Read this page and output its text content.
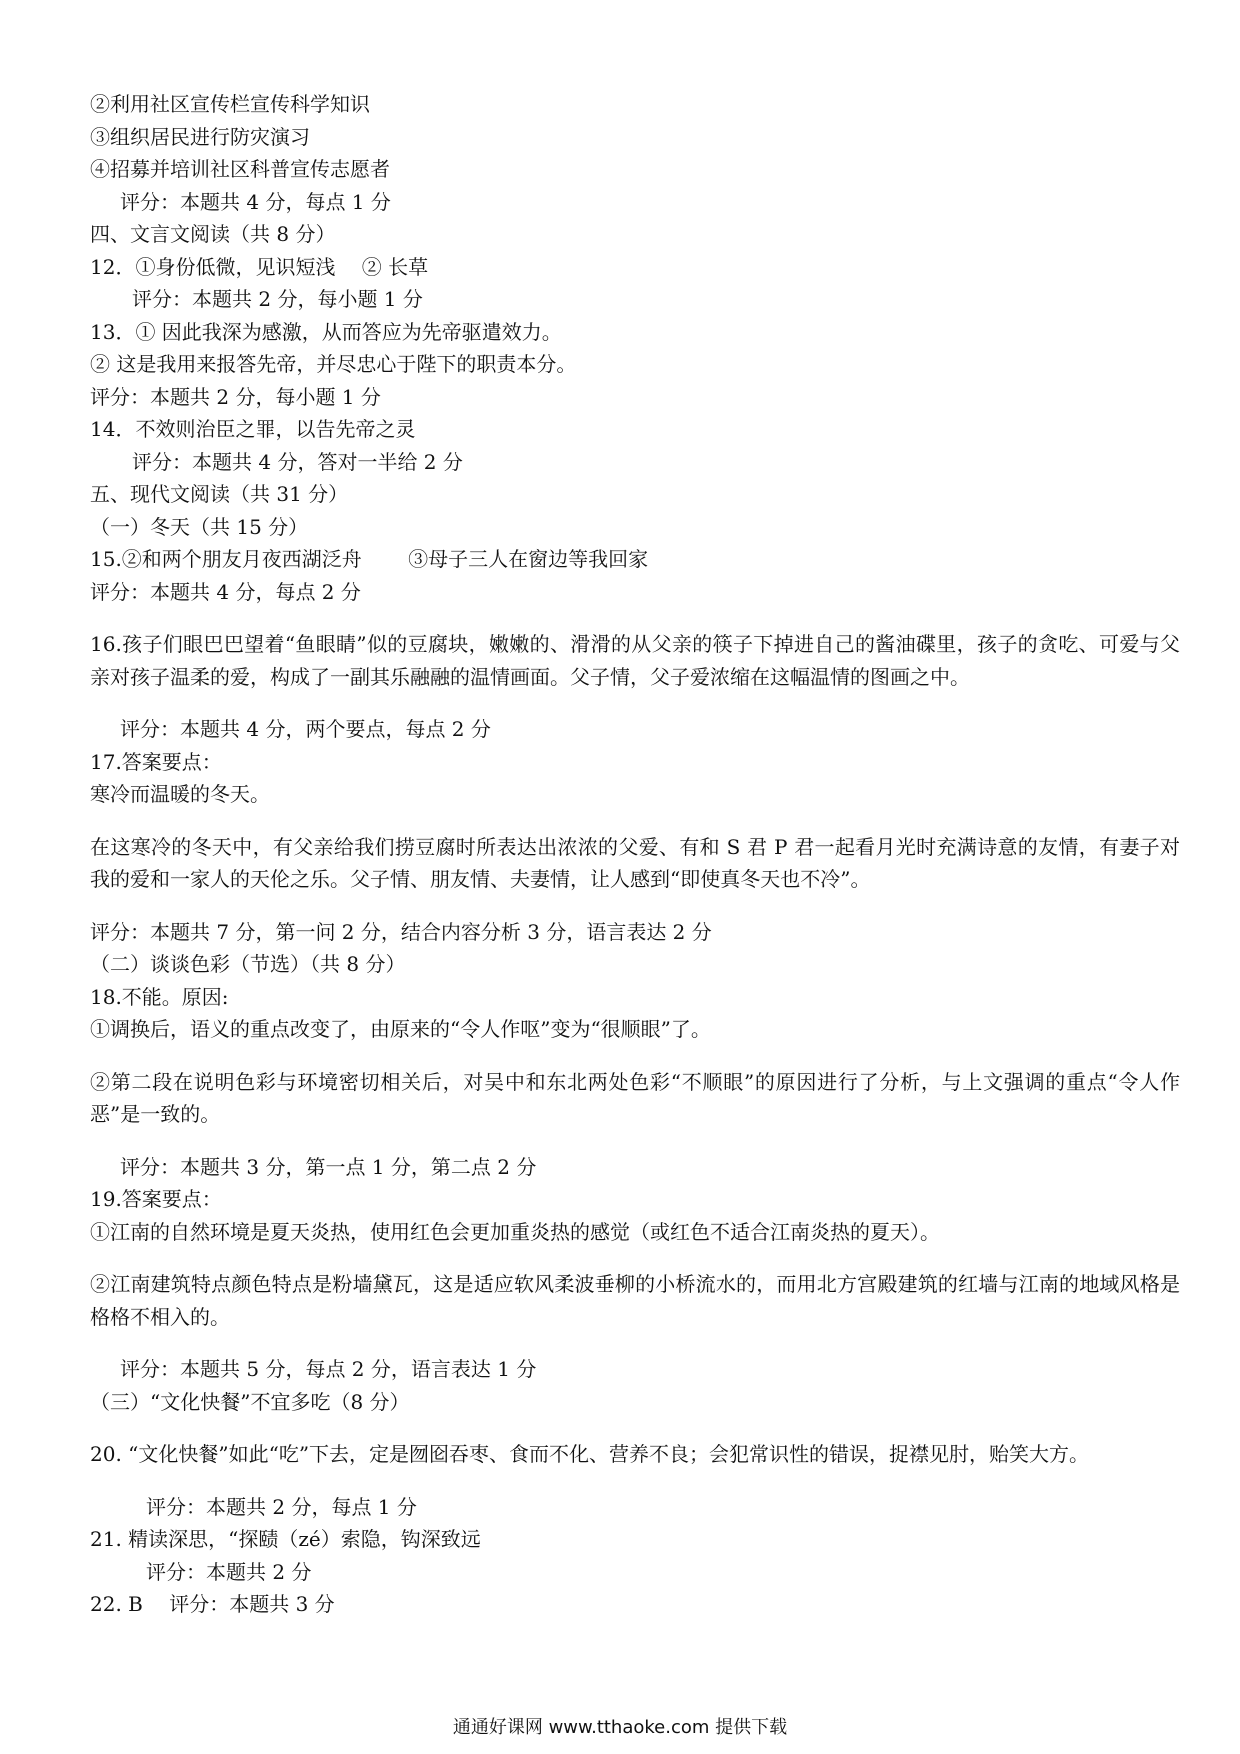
②利用社区宣传栏宣传科学知识

③组织居民进行防灾演习

④招募并培训社区科普宣传志愿者

评分：本题共 4 分，每点 1 分

四、文言文阅读（共 8 分）

12．①身份低微，见识短浅　 ② 长草

评分：本题共 2 分，每小题 1 分

13．① 因此我深为感激，从而答应为先帝驱遣效力。

② 这是我用来报答先帝，并尽忠心于陛下的职责本分。

评分：本题共 2 分，每小题 1 分

14．不效则治臣之罪，以告先帝之灵

评分：本题共 4 分，答对一半给 2 分

五、现代文阅读（共 31 分）

（一）冬天（共 15 分）

15.②和两个朋友月夜西湖泛舟　　 ③母子三人在窗边等我回家

评分：本题共 4 分，每点 2 分

16.孩子们眼巴巴望着“鱼眼睛”似的豆腐块，嫩嫩的、滑滑的从父亲的筷子下掉进自己的酱油碟里，孩子的贪吃、可爱与父亲对孩子温柔的爱，构成了一副其乐融融的温情画面。父子情，父子爱浓缩在这幅温情的图画之中。

评分：本题共 4 分，两个要点，每点 2 分

17.答案要点：

寒冷而温暖的冬天。

在这寒冷的冬天中，有父亲给我们捞豆腐时所表达出浓浓的父爱、有和 S 君 P 君一起看月光时充满诗意的友情，有妻子对我的爱和一家人的天伦之乐。父子情、朋友情、夫妻情，让人感到“即使真冬天也不冷”。

评分：本题共 7 分，第一问 2 分，结合内容分析 3 分，语言表达 2 分

（二）谈谈色彩（节选）（共 8 分）

18.不能。原因:

①调换后，语义的重点改变了，由原来的“令人作呕”变为“很顺眼”了。

②第二段在说明色彩与环境密切相关后，对吴中和东北两处色彩“不顺眼”的原因进行了分析，与上文强调的重点“令人作恶”是一致的。

评分：本题共 3 分，第一点 1 分，第二点 2 分

19.答案要点：

①江南的自然环境是夏天炎热，使用红色会更加重炎热的感觉（或红色不适合江南炎热的夏天）。

②江南建筑特点颜色特点是粉墙黛瓦，这是适应软风柔波垂柳的小桥流水的，而用北方宫殿建筑的红墙与江南的地域风格是格格不相入的。

评分：本题共 5 分，每点 2 分，语言表达 1 分

（三）“文化快餐”不宜多吃（8 分）

20. “文化快餐”如此“吃”下去，定是囫囵吞枣、食而不化、营养不良；会犯常识性的错误，捉襟见肘，贻笑大方。

评分：本题共 2 分，每点 1 分

21. 精读深思，“探赜（zé）索隐，钩深致远

评分：本题共 2 分

22. B　 评分：本题共 3 分

通通好课网 www.tthaoke.com 提供下载
